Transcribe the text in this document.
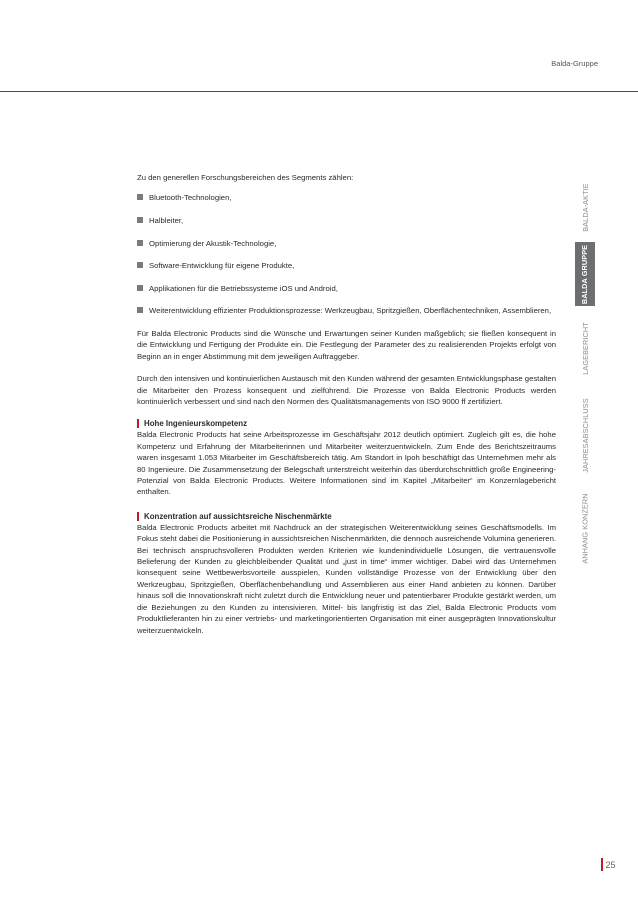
Balda-Gruppe
BALDA-AKTIE
BALDA GRUPPE
LAGEBERICHT
JAHRESABSCHLUSS
ANHANG KONZERN

Zu den generellen Forschungsbereichen des Segments zählen:

Bluetooth-Technologien,
Halbleiter,
Optimierung der Akustik-Technologie,
Software-Entwicklung für eigene Produkte,
Applikationen für die Betriebssysteme iOS und Android,
Weiterentwicklung effizienter Produktionsprozesse: Werkzeugbau, Spritzgießen, Oberflächentechniken, Assemblieren,

Für Balda Electronic Products sind die Wünsche und Erwartungen seiner Kunden maßgeblich; sie fließen konsequent in die Entwicklung und Fertigung der Produkte ein. Die Festlegung der Parameter des zu realisierenden Projekts erfolgt von Beginn an in enger Abstimmung mit dem jeweiligen Auftraggeber.

Durch den intensiven und kontinuierlichen Austausch mit den Kunden während der gesamten Entwicklungsphase gestalten die Mitarbeiter den Prozess konsequent und zielführend. Die Prozesse von Balda Electronic Products werden kontinuierlich verbessert und sind nach den Normen des Qualitätsmanagements von ISO 9000 ff zertifiziert.

Hohe Ingenieurskompetenz

Balda Electronic Products hat seine Arbeitsprozesse im Geschäftsjahr 2012 deutlich optimiert. Zugleich gilt es, die hohe Kompetenz und Erfahrung der Mitarbeiterinnen und Mitarbeiter weiterzuentwickeln. Zum Ende des Berichtszeitraums waren insgesamt 1.053 Mitarbeiter im Geschäftsbereich tätig. Am Standort in Ipoh beschäftigt das Unternehmen mehr als 80 Ingenieure. Die Zusammensetzung der Belegschaft unterstreicht weiterhin das überdurchschnittlich große Engineering-Potenzial von Balda Electronic Products. Weitere Informationen sind im Kapitel „Mitarbeiter“ im Konzernlagebericht enthalten.

Konzentration auf aussichtsreiche Nischenmärkte

Balda Electronic Products arbeitet mit Nachdruck an der strategischen Weiterentwicklung seines Geschäftsmodells. Im Fokus steht dabei die Positionierung in aussichtsreichen Nischenmärkten, die dennoch ausreichende Volumina generieren. Bei technisch anspruchsvolleren Produkten werden Kriterien wie kundenindividuelle Lösungen, die vertrauensvolle Belieferung der Kunden zu gleichbleibender Qualität und „just in time“ immer wichtiger. Dabei wird das Unternehmen konsequent seine Wettbewerbsvorteile ausspielen, Kunden vollständige Prozesse von der Entwicklung über den Werkzeugbau, Spritzgießen, Oberflächenbehandlung und Assemblieren aus einer Hand anbieten zu können. Darüber hinaus soll die Innovationskraft nicht zuletzt durch die Entwicklung neuer und patentierbarer Produkte gestärkt werden, um die Beziehungen zu den Kunden zu intensivieren. Mittel- bis langfristig ist das Ziel, Balda Electronic Products vom Produktlieferanten hin zu einer vertriebs- und marketingorientierten Organisation mit einer ausgeprägten Innovationskultur weiterzuentwickeln.

25
